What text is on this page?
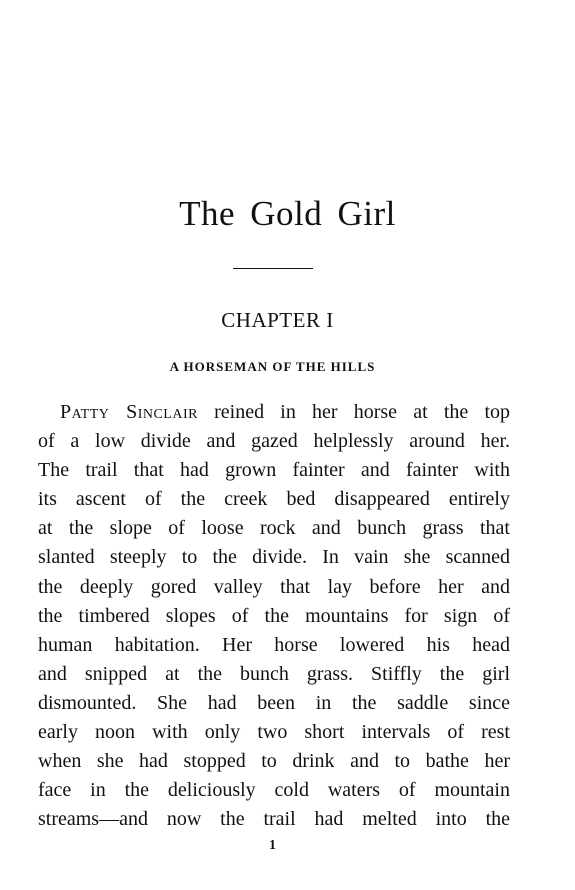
The Gold Girl
CHAPTER I
A HORSEMAN OF THE HILLS
Patty Sinclair reined in her horse at the top
of a low divide and gazed helplessly around her.
The trail that had grown fainter and fainter with
its ascent of the creek bed disappeared entirely
at the slope of loose rock and bunch grass that
slanted steeply to the divide. In vain she scanned
the deeply gored valley that lay before her and
the timbered slopes of the mountains for sign of
human habitation. Her horse lowered his head
and snipped at the bunch grass. Stiffly the girl
dismounted. She had been in the saddle since
early noon with only two short intervals of rest
when she had stopped to drink and to bathe her
face in the deliciously cold waters of mountain
streams—and now the trail had melted into the
1
